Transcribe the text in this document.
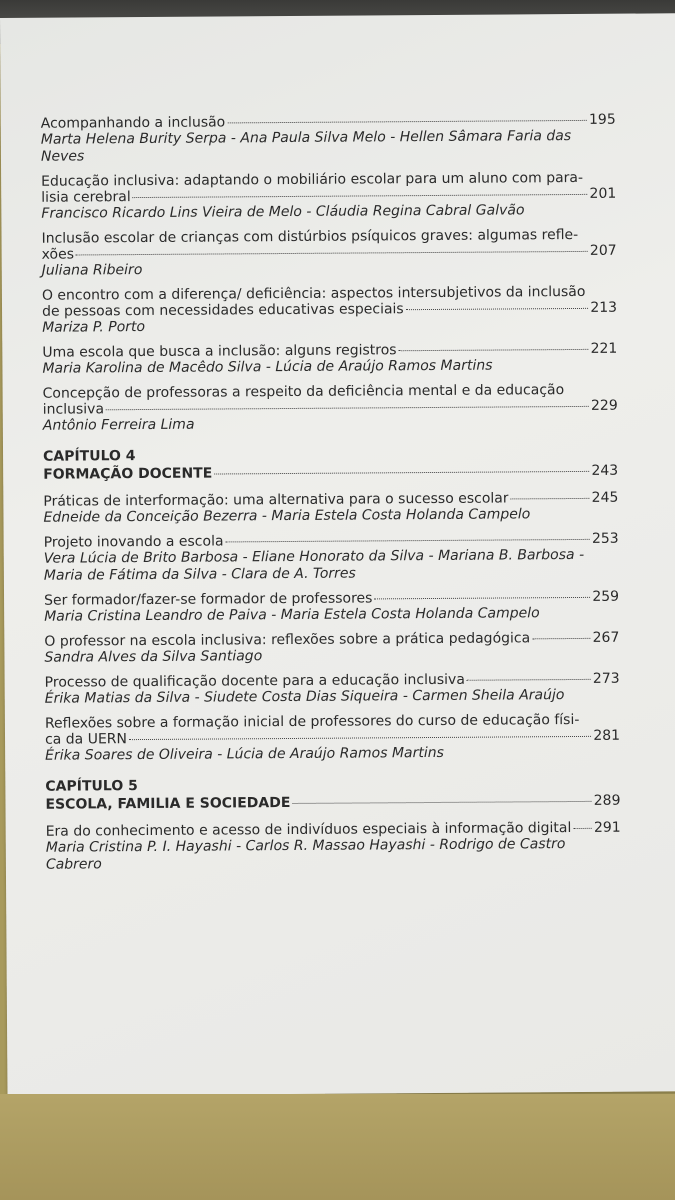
Acompanhando a inclusão	195
Marta Helena Burity Serpa - Ana Paula Silva Melo - Hellen Sâmara Faria das Neves
Educação inclusiva: adaptando o mobiliário escolar para um aluno com para-
lisia cerebral	201
Francisco Ricardo Lins Vieira de Melo - Cláudia Regina Cabral Galvão
Inclusão escolar de crianças com distúrbios psíquicos graves: algumas refle-
xões	207
Juliana Ribeiro
O encontro com a diferença/ deficiência: aspectos intersubjetivos da inclusão
de pessoas com necessidades educativas especiais	213
Mariza P. Porto
Uma escola que busca a inclusão: alguns registros	221
Maria Karolina de Macêdo Silva - Lúcia de Araújo Ramos Martins
Concepção de professoras a respeito da deficiência mental e da educação
inclusiva	229
Antônio Ferreira Lima
CAPÍTULO 4
FORMAÇÃO DOCENTE	243
Práticas de interformação: uma alternativa para o sucesso escolar	245
Edneide da Conceição Bezerra - Maria Estela Costa Holanda Campelo
Projeto inovando a escola	253
Vera Lúcia de Brito Barbosa - Eliane Honorato da Silva - Mariana B. Barbosa - Maria de Fátima da Silva - Clara de A. Torres
Ser formador/fazer-se formador de professores	259
Maria Cristina Leandro de Paiva - Maria Estela Costa Holanda Campelo
O professor na escola inclusiva: reflexões sobre a prática pedagógica	267
Sandra Alves da Silva Santiago
Processo de qualificação docente para a educação inclusiva	273
Érika Matias da Silva - Siudete Costa Dias Siqueira - Carmen Sheila Araújo
Reflexões sobre a formação inicial de professores do curso de educação físi-
ca da UERN	281
Érika Soares de Oliveira - Lúcia de Araújo Ramos Martins
CAPÍTULO 5
ESCOLA, FAMILIA E SOCIEDADE	289
Era do conhecimento e acesso de indivíduos especiais à informação digital 291
Maria Cristina P. I. Hayashi - Carlos R. Massao Hayashi - Rodrigo de Castro Cabrero
